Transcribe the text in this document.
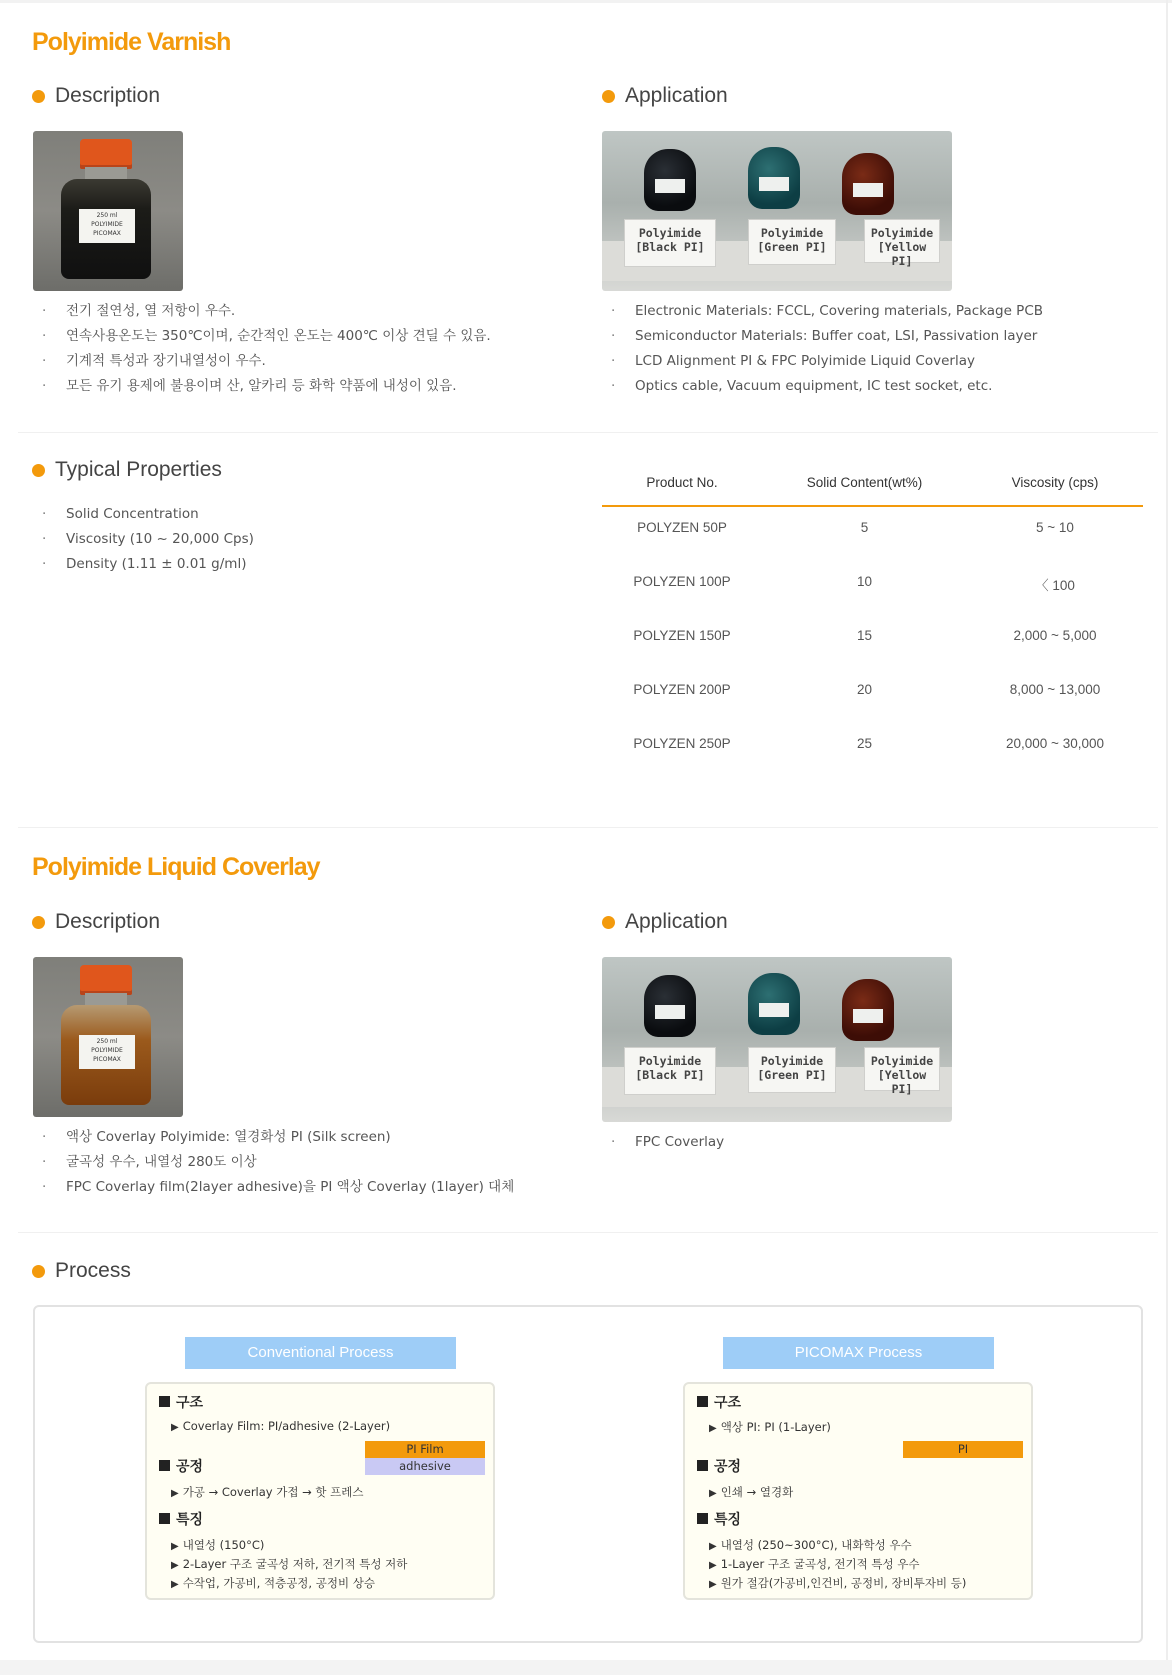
Polyimide Varnish
Description	Application
250 ml
POLYIMIDE
PICOMAX	Polyimide
[Black PI]
Polyimide
[Green PI]
Polyimide
[Yellow PI]
· 전기 절연성, 열 저항이 우수.
· 연속사용온도는 350℃이며, 순간적인 온도는 400℃ 이상 견딜 수 있음.
· 기계적 특성과 장기내열성이 우수.
· 모든 유기 용제에 불용이며 산, 알카리 등 화학 약품에 내성이 있음.
· Electronic Materials: FCCL, Covering materials, Package PCB
· Semiconductor Materials: Buffer coat, LSI, Passivation layer
· LCD Alignment PI & FPC Polyimide Liquid Coverlay
· Optics cable, Vacuum equipment, IC test socket, etc.
Typical Properties
· Solid Concentration
· Viscosity (10 ~ 20,000 Cps)
· Density (1.11 ± 0.01 g/ml)
Product No.	Solid Content(wt%)	Viscosity (cps)
POLYZEN 50P	5	5 ~ 10
POLYZEN 100P	10	〈 100
POLYZEN 150P	15	2,000 ~ 5,000
POLYZEN 200P	20	8,000 ~ 13,000
POLYZEN 250P	25	20,000 ~ 30,000
Polyimide Liquid Coverlay
Description	Application
250 ml
POLYIMIDE
PICOMAX	Polyimide
[Black PI]
Polyimide
[Green PI]
Polyimide
[Yellow PI]
· 액상 Coverlay Polyimide: 열경화성 PI (Silk screen)
· 굴곡성 우수, 내열성 280도 이상
· FPC Coverlay film(2layer adhesive)을 PI 액상 Coverlay (1layer) 대체
· FPC Coverlay
Process
Conventional Process
구조
▶ Coverlay Film: PI/adhesive (2-Layer)
PI Film
adhesive
공정
▶ 가공 → Coverlay 가접 → 핫 프레스
특징
▶ 내열성 (150°C)
▶ 2-Layer 구조 굴곡성 저하, 전기적 특성 저하
▶ 수작업, 가공비, 적층공정, 공정비 상승
PICOMAX Process
구조
▶ 액상 PI: PI (1-Layer)
PI
공정
▶ 인쇄 → 열경화
특징
▶ 내열성 (250~300°C), 내화학성 우수
▶ 1-Layer 구조 굴곡성, 전기적 특성 우수
▶ 원가 절감(가공비,인건비, 공정비, 장비투자비 등)
